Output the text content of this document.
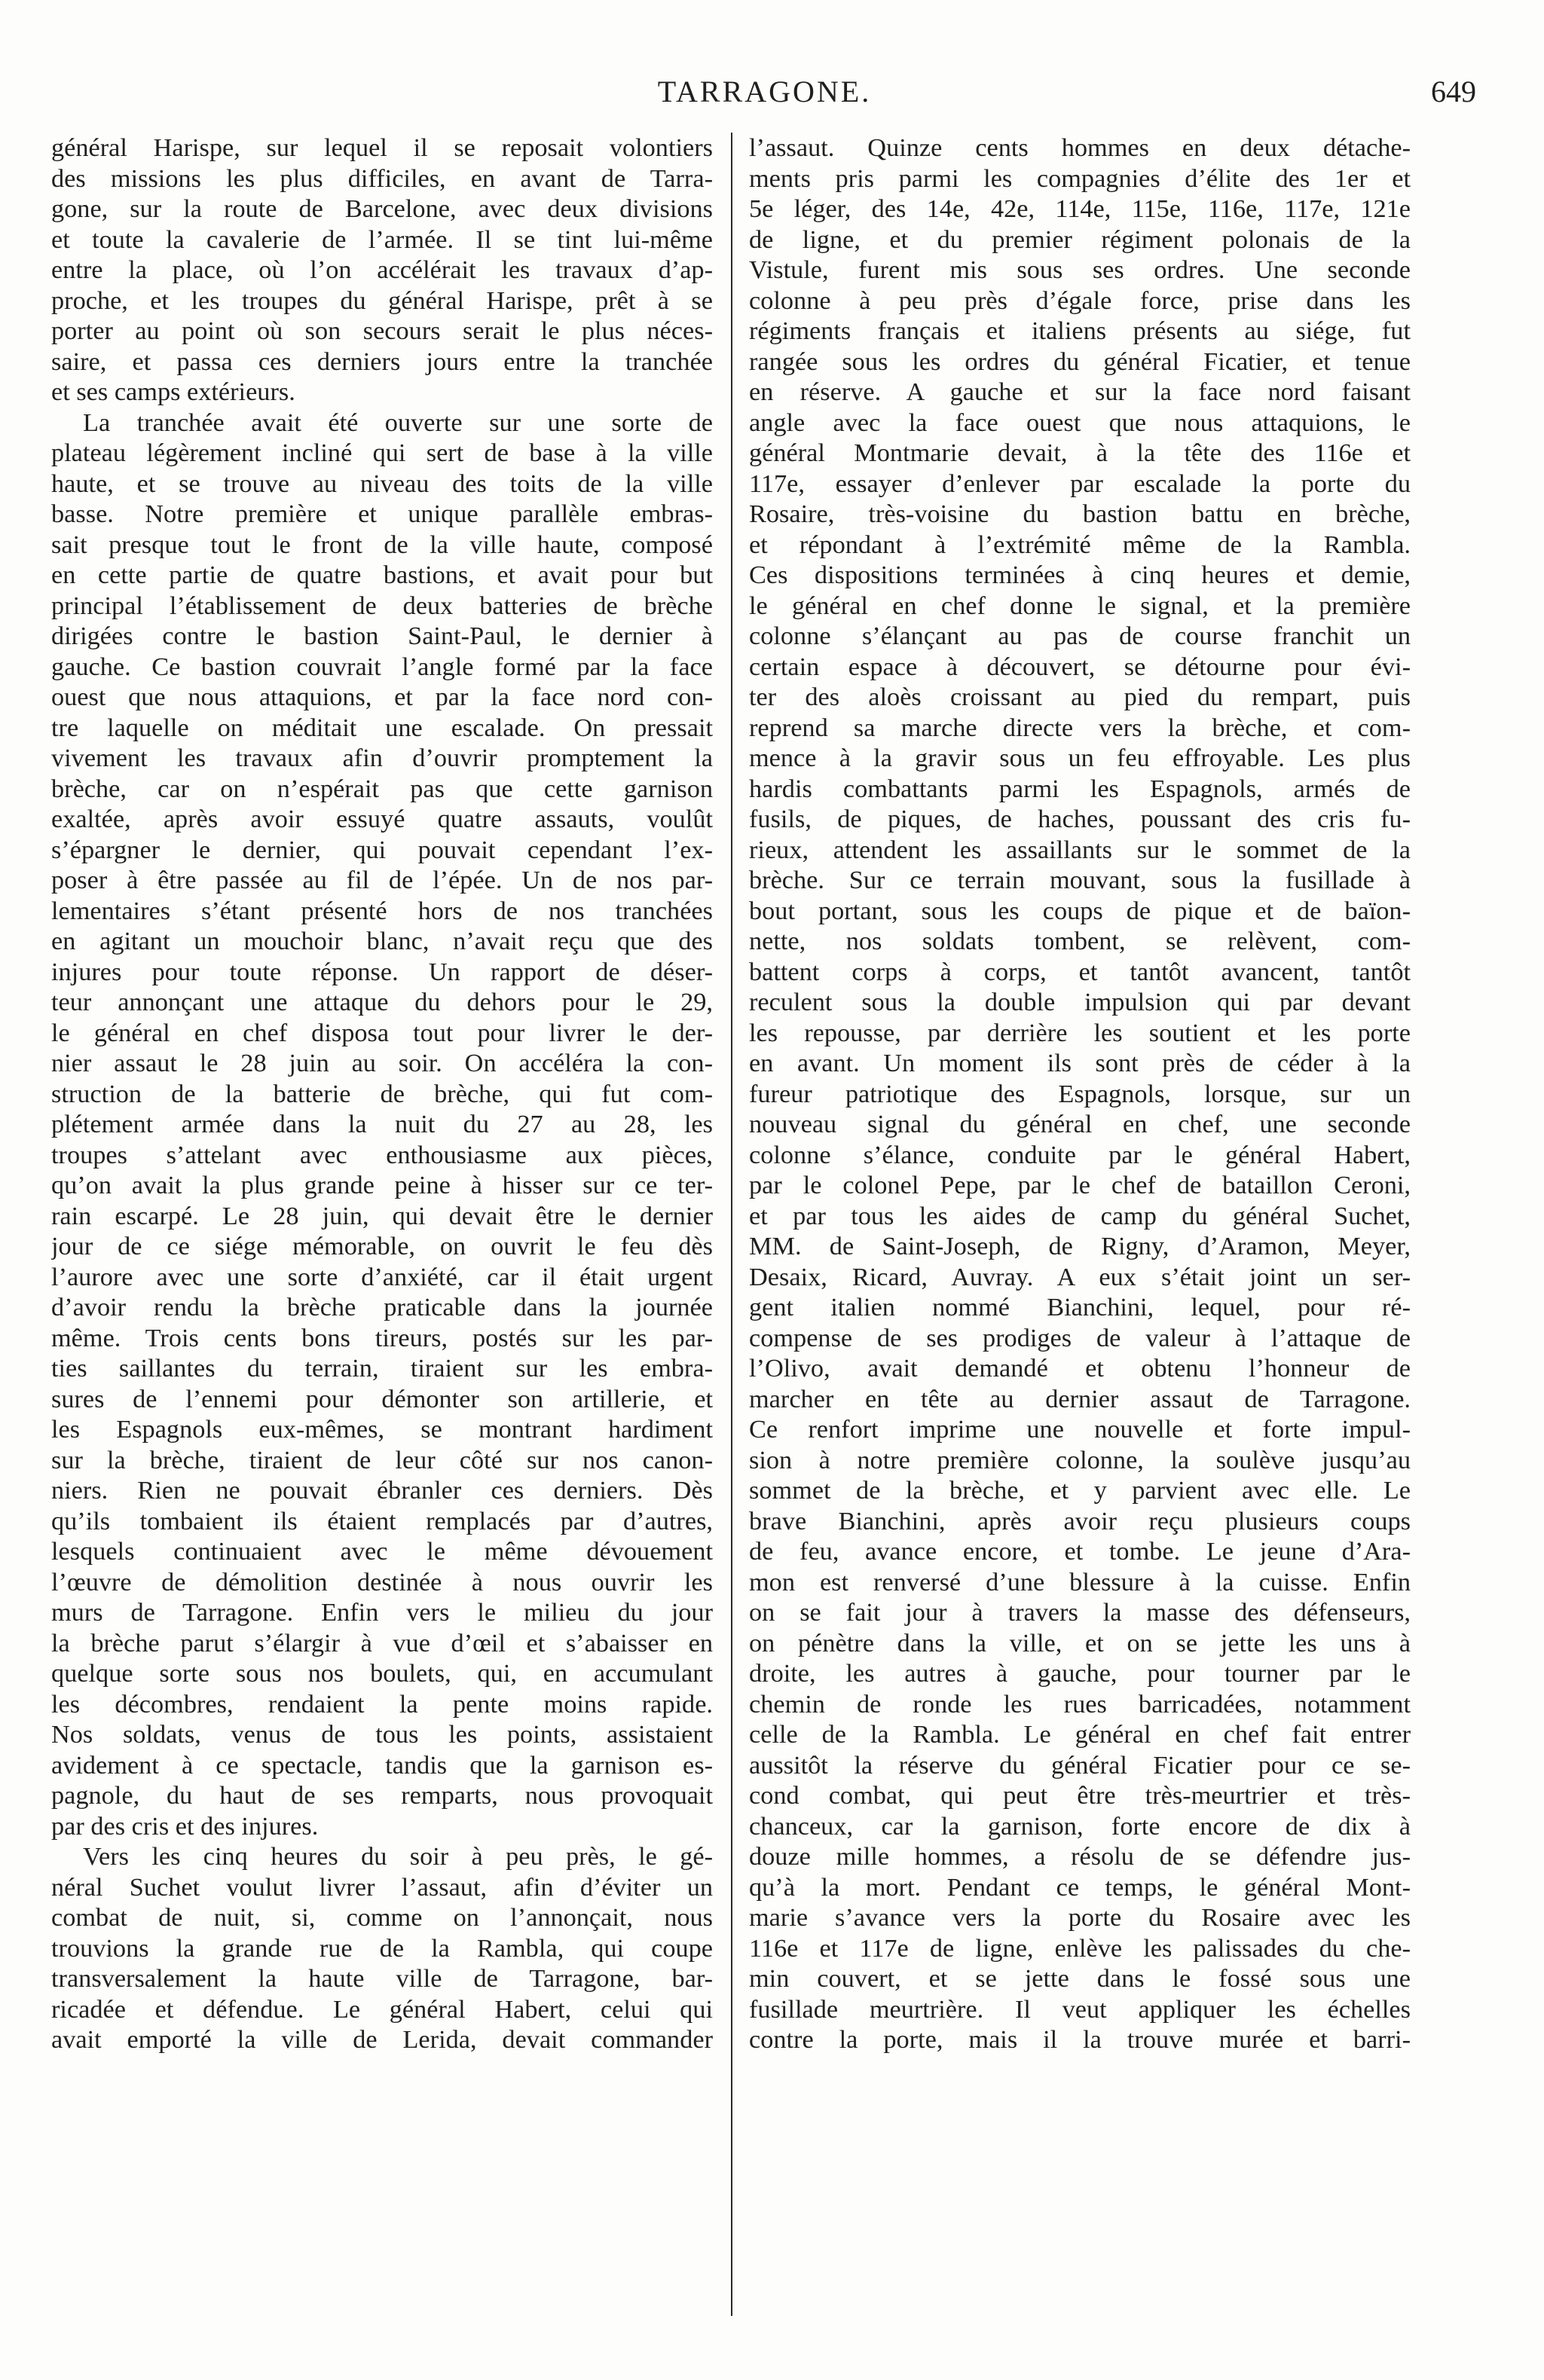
TARRAGONE.	649
général Harispe, sur lequel il se reposait volontiers
des missions les plus difficiles, en avant de Tarra-
gone, sur la route de Barcelone, avec deux divisions
et toute la cavalerie de l’armée. Il se tint lui-même
entre la place, où l’on accélérait les travaux d’ap-
proche, et les troupes du général Harispe, prêt à se
porter au point où son secours serait le plus néces-
saire, et passa ces derniers jours entre la tranchée
et ses camps extérieurs.
La tranchée avait été ouverte sur une sorte de
plateau légèrement incliné qui sert de base à la ville
haute, et se trouve au niveau des toits de la ville
basse. Notre première et unique parallèle embras-
sait presque tout le front de la ville haute, composé
en cette partie de quatre bastions, et avait pour but
principal l’établissement de deux batteries de brèche
dirigées contre le bastion Saint-Paul, le dernier à
gauche. Ce bastion couvrait l’angle formé par la face
ouest que nous attaquions, et par la face nord con-
tre laquelle on méditait une escalade. On pressait
vivement les travaux afin d’ouvrir promptement la
brèche, car on n’espérait pas que cette garnison
exaltée, après avoir essuyé quatre assauts, voulût
s’épargner le dernier, qui pouvait cependant l’ex-
poser à être passée au fil de l’épée. Un de nos par-
lementaires s’étant présenté hors de nos tranchées
en agitant un mouchoir blanc, n’avait reçu que des
injures pour toute réponse. Un rapport de déser-
teur annonçant une attaque du dehors pour le 29,
le général en chef disposa tout pour livrer le der-
nier assaut le 28 juin au soir. On accéléra la con-
struction de la batterie de brèche, qui fut com-
plétement armée dans la nuit du 27 au 28, les
troupes s’attelant avec enthousiasme aux pièces,
qu’on avait la plus grande peine à hisser sur ce ter-
rain escarpé. Le 28 juin, qui devait être le dernier
jour de ce siége mémorable, on ouvrit le feu dès
l’aurore avec une sorte d’anxiété, car il était urgent
d’avoir rendu la brèche praticable dans la journée
même. Trois cents bons tireurs, postés sur les par-
ties saillantes du terrain, tiraient sur les embra-
sures de l’ennemi pour démonter son artillerie, et
les Espagnols eux-mêmes, se montrant hardiment
sur la brèche, tiraient de leur côté sur nos canon-
niers. Rien ne pouvait ébranler ces derniers. Dès
qu’ils tombaient ils étaient remplacés par d’autres,
lesquels continuaient avec le même dévouement
l’œuvre de démolition destinée à nous ouvrir les
murs de Tarragone. Enfin vers le milieu du jour
la brèche parut s’élargir à vue d’œil et s’abaisser en
quelque sorte sous nos boulets, qui, en accumulant
les décombres, rendaient la pente moins rapide.
Nos soldats, venus de tous les points, assistaient
avidement à ce spectacle, tandis que la garnison es-
pagnole, du haut de ses remparts, nous provoquait
par des cris et des injures.
Vers les cinq heures du soir à peu près, le gé-
néral Suchet voulut livrer l’assaut, afin d’éviter un
combat de nuit, si, comme on l’annonçait, nous
trouvions la grande rue de la Rambla, qui coupe
transversalement la haute ville de Tarragone, bar-
ricadée et défendue. Le général Habert, celui qui
avait emporté la ville de Lerida, devait commander
l’assaut. Quinze cents hommes en deux détache-
ments pris parmi les compagnies d’élite des 1er et
5e léger, des 14e, 42e, 114e, 115e, 116e, 117e, 121e
de ligne, et du premier régiment polonais de la
Vistule, furent mis sous ses ordres. Une seconde
colonne à peu près d’égale force, prise dans les
régiments français et italiens présents au siége, fut
rangée sous les ordres du général Ficatier, et tenue
en réserve. A gauche et sur la face nord faisant
angle avec la face ouest que nous attaquions, le
général Montmarie devait, à la tête des 116e et
117e, essayer d’enlever par escalade la porte du
Rosaire, très-voisine du bastion battu en brèche,
et répondant à l’extrémité même de la Rambla.
Ces dispositions terminées à cinq heures et demie,
le général en chef donne le signal, et la première
colonne s’élançant au pas de course franchit un
certain espace à découvert, se détourne pour évi-
ter des aloès croissant au pied du rempart, puis
reprend sa marche directe vers la brèche, et com-
mence à la gravir sous un feu effroyable. Les plus
hardis combattants parmi les Espagnols, armés de
fusils, de piques, de haches, poussant des cris fu-
rieux, attendent les assaillants sur le sommet de la
brèche. Sur ce terrain mouvant, sous la fusillade à
bout portant, sous les coups de pique et de baïon-
nette, nos soldats tombent, se relèvent, com-
battent corps à corps, et tantôt avancent, tantôt
reculent sous la double impulsion qui par devant
les repousse, par derrière les soutient et les porte
en avant. Un moment ils sont près de céder à la
fureur patriotique des Espagnols, lorsque, sur un
nouveau signal du général en chef, une seconde
colonne s’élance, conduite par le général Habert,
par le colonel Pepe, par le chef de bataillon Ceroni,
et par tous les aides de camp du général Suchet,
MM. de Saint-Joseph, de Rigny, d’Aramon, Meyer,
Desaix, Ricard, Auvray. A eux s’était joint un ser-
gent italien nommé Bianchini, lequel, pour ré-
compense de ses prodiges de valeur à l’attaque de
l’Olivo, avait demandé et obtenu l’honneur de
marcher en tête au dernier assaut de Tarragone.
Ce renfort imprime une nouvelle et forte impul-
sion à notre première colonne, la soulève jusqu’au
sommet de la brèche, et y parvient avec elle. Le
brave Bianchini, après avoir reçu plusieurs coups
de feu, avance encore, et tombe. Le jeune d’Ara-
mon est renversé d’une blessure à la cuisse. Enfin
on se fait jour à travers la masse des défenseurs,
on pénètre dans la ville, et on se jette les uns à
droite, les autres à gauche, pour tourner par le
chemin de ronde les rues barricadées, notamment
celle de la Rambla. Le général en chef fait entrer
aussitôt la réserve du général Ficatier pour ce se-
cond combat, qui peut être très-meurtrier et très-
chanceux, car la garnison, forte encore de dix à
douze mille hommes, a résolu de se défendre jus-
qu’à la mort. Pendant ce temps, le général Mont-
marie s’avance vers la porte du Rosaire avec les
116e et 117e de ligne, enlève les palissades du che-
min couvert, et se jette dans le fossé sous une
fusillade meurtrière. Il veut appliquer les échelles
contre la porte, mais il la trouve murée et barri-
